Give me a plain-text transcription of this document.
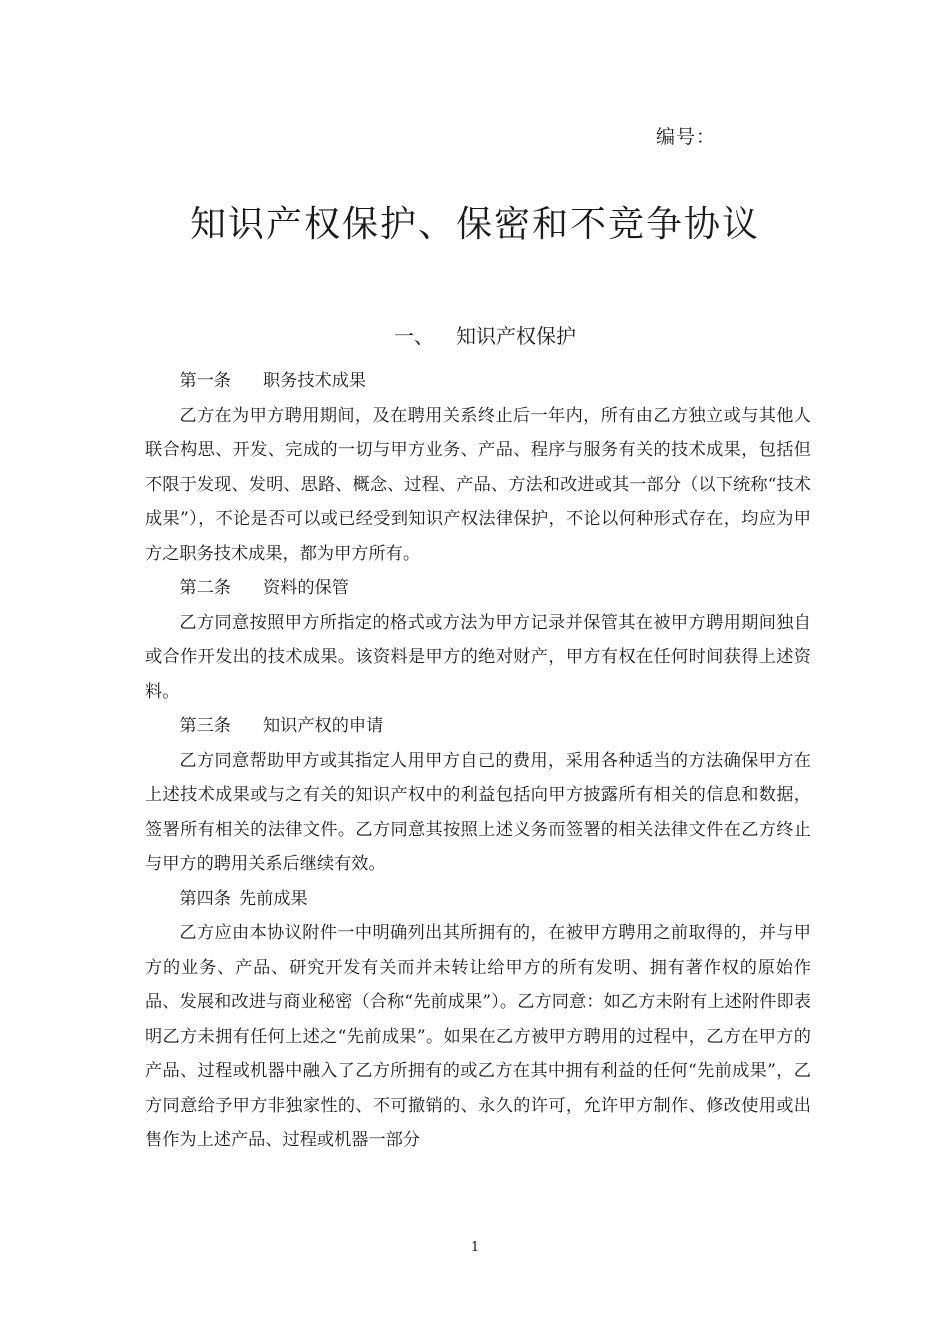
编号：
知识产权保护、保密和不竞争协议
一、 知识产权保护

第一条 职务技术成果

乙方在为甲方聘用期间，及在聘用关系终止后一年内，所有由乙方独立或与其他人联合构思、开发、完成的一切与甲方业务、产品、程序与服务有关的技术成果，包括但不限于发现、发明、思路、概念、过程、产品、方法和改进或其一部分（以下统称“技术成果”），不论是否可以或已经受到知识产权法律保护，不论以何种形式存在，均应为甲方之职务技术成果，都为甲方所有。

第二条 资料的保管

乙方同意按照甲方所指定的格式或方法为甲方记录并保管其在被甲方聘用期间独自或合作开发出的技术成果。该资料是甲方的绝对财产，甲方有权在任何时间获得上述资料。

第三条 知识产权的申请

乙方同意帮助甲方或其指定人用甲方自己的费用，采用各种适当的方法确保甲方在上述技术成果或与之有关的知识产权中的利益包括向甲方披露所有相关的信息和数据，签署所有相关的法律文件。乙方同意其按照上述义务而签署的相关法律文件在乙方终止与甲方的聘用关系后继续有效。

第四条 先前成果

乙方应由本协议附件一中明确列出其所拥有的，在被甲方聘用之前取得的，并与甲方的业务、产品、研究开发有关而并未转让给甲方的所有发明、拥有著作权的原始作品、发展和改进与商业秘密（合称“先前成果”）。乙方同意：如乙方未附有上述附件即表明乙方未拥有任何上述之“先前成果”。如果在乙方被甲方聘用的过程中，乙方在甲方的产品、过程或机器中融入了乙方所拥有的或乙方在其中拥有利益的任何“先前成果”，乙方同意给予甲方非独家性的、不可撤销的、永久的许可，允许甲方制作、修改使用或出售作为上述产品、过程或机器一部分

1
